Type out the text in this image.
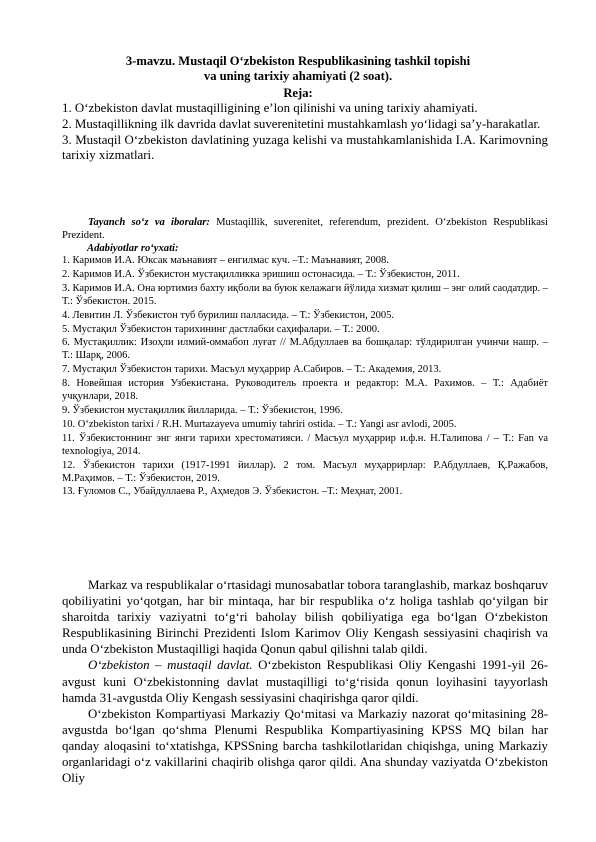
3-mavzu. Mustaqil O‘zbekiston Respublikasining tashkil topishi
va uning tarixiy ahamiyati (2 soat).
Reja:
1. O‘zbekiston davlat mustaqilligining e’lon qilinishi va uning tarixiy ahamiyati.
2. Mustaqillikning ilk davrida davlat suverenitetini mustahkamlash yo‘lidagi sa’y-harakatlar.
3. Mustaqil O‘zbekiston davlatining yuzaga kelishi va mustahkamlanishida I.A. Karimovning tarixiy xizmatlari.
Tayanch so‘z va iboralar: Mustaqillik, suverenitet, referendum, prezident. O‘zbekiston Respublikasi Prezident.
Adabiyotlar ro‘yxati:
1. Каримов И.А. Юксак маънавият – енгилмас куч. –Т.: Маънавият, 2008.
2. Каримов И.А. Ўзбекистон мустақилликка эришиш остонасида. – Т.: Ўзбекистон, 2011.
3. Каримов И.А. Она юртимиз бахту иқболи ва буюк келажаги йўлида хизмат қилиш – энг олий саодатдир. – Т.: Ўзбекистон. 2015.
4. Левитин Л. Ўзбекистон туб бурилиш палласида. – Т.: Ўзбекистон, 2005.
5. Мустақил Ўзбекистон тарихининг дастлабки саҳифалари. – Т.: 2000.
6. Мустақиллик: Изоҳли илмий-оммабоп луғат // М.Абдуллаев ва бошқалар: тўлдирилган учинчи нашр. – Т.: Шарқ, 2006.
7. Мустақил Ўзбекистон тарихи. Масъул муҳаррир А.Сабиров. – Т.: Академия, 2013.
8. Новейшая история Узбекистана. Руководитель проекта и редактор: М.А. Рахимов. – Т.: Адабиёт учқунлари, 2018.
9. Ўзбекистон мустақиллик йилларида. – Т.: Ўзбекистон, 1996.
10. O‘zbekiston tarixi / R.H. Murtazayeva umumiy tahriri ostida. – T.: Yangi asr avlodi, 2005.
11. Ўзбекистоннинг энг янги тарихи хрестоматияси. / Масъул муҳаррир и.ф.н. Н.Талипова / – Т.: Fan va texnologiya, 2014.
12. Ўзбекистон тарихи (1917-1991 йиллар). 2 том. Масъул муҳаррирлар: Р.Абдуллаев, Қ.Ражабов, М.Раҳимов. – Т.: Ўзбекистон, 2019.
13. Ғуломов С., Убайдуллаева Р., Аҳмедов Э. Ўзбекистон. –Т.: Меҳнат, 2001.

Markaz va respublikalar o‘rtasidagi munosabatlar tobora taranglashib, markaz boshqaruv qobiliyatini yo‘qotgan, har bir mintaqa, har bir respublika o‘z holiga tashlab qo‘yilgan bir sharoitda tarixiy vaziyatni to‘g‘ri baholay bilish qobiliyatiga ega bo‘lgan O‘zbekiston Respublikasining Birinchi Prezidenti Islom Karimov Oliy Kengash sessiyasini chaqirish va unda O‘zbekiston Mustaqilligi haqida Qonun qabul qilishni talab qildi.

O‘zbekiston – mustaqil davlat. O‘zbekiston Respublikasi Oliy Kengashi 1991-yil 26-avgust kuni O‘zbekistonning davlat mustaqilligi to‘g‘risida qonun loyihasini tayyorlash hamda 31-avgustda Oliy Kengash sessiyasini chaqirishga qaror qildi.

O‘zbekiston Kompartiyasi Markaziy Qo‘mitasi va Markaziy nazorat qo‘mitasining 28-avgustda bo‘lgan qo‘shma Plenumi Respublika Kompartiyasining KPSS MQ bilan har qanday aloqasini to‘xtatishga, KPSSning barcha tashkilotlaridan chiqishga, uning Markaziy organlaridagi o‘z vakillarini chaqirib olishga qaror qildi. Ana shunday vaziyatda O‘zbekiston Oliy
